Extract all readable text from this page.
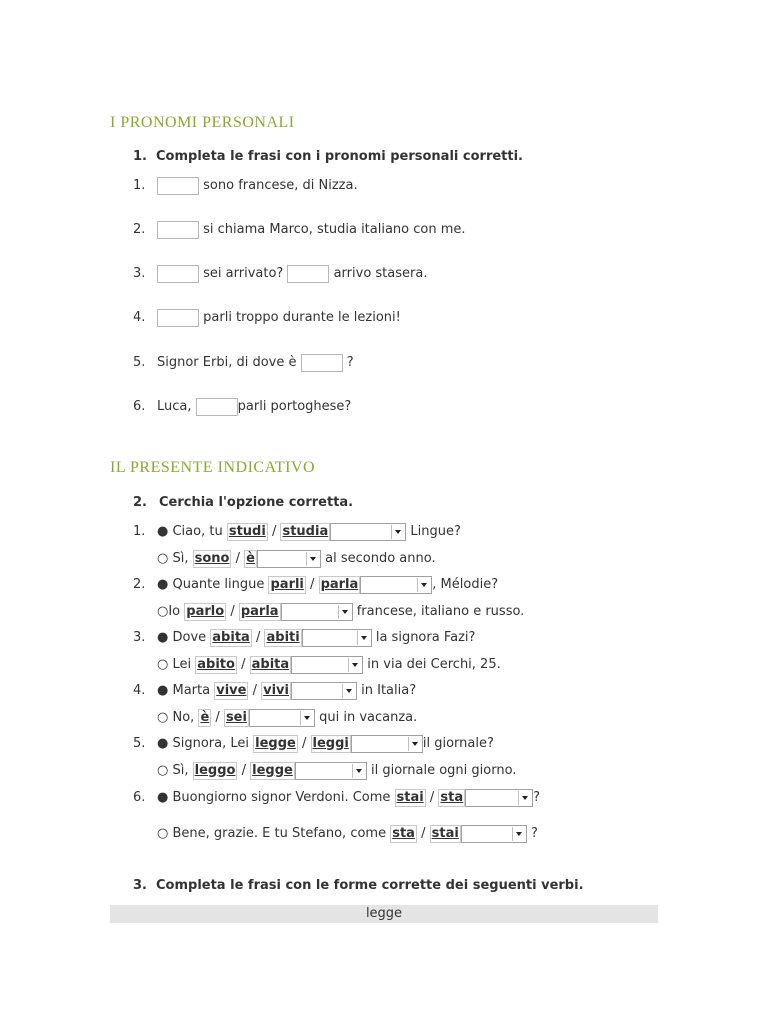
I PRONOMI PERSONALI
1. Completa le frasi con i pronomi personali corretti.
1.	sono francese, di Nizza.
2.	si chiama Marco, studia italiano con me.
3.	sei arrivato?	arrivo stasera.
4.	parli troppo durante le lezioni!
5. Signor Erbi, di dove è	?
6. Luca,	parli portoghese?
IL PRESENTE INDICATIVO
2. Cerchia l'opzione corretta.
1. ● Ciao, tu studi / studia	Lingue?
○ Sì, sono / è	al secondo anno.
2. ● Quante lingue parli / parla	, Mélodie?
○Io parlo / parla	francese, italiano e russo.
3. ● Dove abita / abiti	la signora Fazi?
○ Lei abito / abita	in via dei Cerchi, 25.
4. ● Marta vive / vivi	in Italia?
○ No, è / sei	qui in vacanza.
5. ● Signora, Lei legge / leggi	il giornale?
○ Sì, leggo / legge	il giornale ogni giorno.
6. ● Buongiorno signor Verdoni. Come stai / sta	?
○ Bene, grazie. E tu Stefano, come sta / stai	?
3. Completa le frasi con le forme corrette dei seguenti verbi.
legge
